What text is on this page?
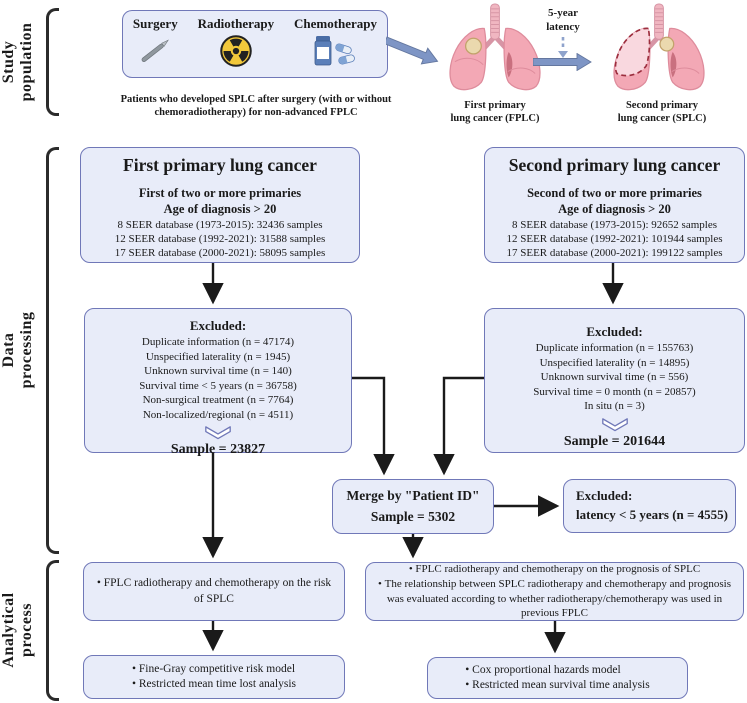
Study population
Data processing
Analytical process
Surgery Radiotherapy Chemotherapy
Patients who developed SPLC after surgery (with or without
chemoradiotherapy) for non-advanced FPLC
First primary
lung cancer (FPLC)
5-year
latency
Second primary
lung cancer (SPLC)
First primary lung cancer
First of two or more primaries
Age of diagnosis > 20
8 SEER database (1973-2015): 32436 samples
12 SEER database (1992-2021): 31588 samples
17 SEER database (2000-2021): 58095 samples
Second primary lung cancer
Second of two or more primaries
Age of diagnosis > 20
8 SEER database (1973-2015): 92652 samples
12 SEER database (1992-2021): 101944 samples
17 SEER database (2000-2021): 199122 samples
Excluded:
Duplicate information (n = 47174)
Unspecified laterality (n = 1945)
Unknown survival time (n = 140)
Survival time < 5 years (n = 36758)
Non-surgical treatment (n = 7764)
Non-localized/regional (n = 4511)
Sample = 23827
Excluded:
Duplicate information (n = 155763)
Unspecified laterality (n = 14895)
Unknown survival time (n = 556)
Survival time = 0 month (n = 20857)
In situ (n = 3)
Sample = 201644
Merge by "Patient ID"
Sample = 5302
Excluded:
latency < 5 years (n = 4555)
• FPLC radiotherapy and chemotherapy on the risk of SPLC
• FPLC radiotherapy and chemotherapy on the prognosis of SPLC
• The relationship between SPLC radiotherapy and chemotherapy and prognosis was evaluated according to whether radiotherapy/chemotherapy was used in previous FPLC
• Fine-Gray competitive risk model
• Restricted mean time lost analysis
• Cox proportional hazards model
• Restricted mean survival time analysis
